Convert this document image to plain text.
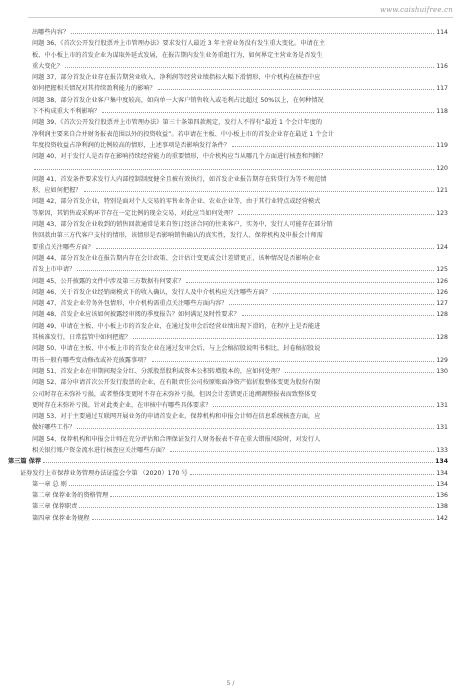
www.caishuifree.cn
出哪些内容？	114
问题 36、《首次公开发行股票并上市管理办法》要求发行人最近 3 年主营业务没有发生重大变化。申请在主
板、中小板上市的首发企业为谋取外延式发展，在报告期内发生业务重组行为，如何界定主营业务是否发生
重大变化？	116
问题 37、部分首发企业存在报告期营业收入、净利润等经营业绩指标大幅下滑情形，中介机构在核查中应
如何把握相关情况对其持续盈利能力的影响？	117
问题 38、部分首发企业客户集中度较高，如向单一大客户销售收入或毛利占比超过 50%以上，在何种情况
下不构成重大不利影响？	118
问题 39、《首次公开发行股票并上市管理办法》第三十条第四款规定，发行人不得有“最近 1 个会计年度的
净利润主要来自合并财务报表范围以外的投资收益”。若申请在主板、中小板上市的首发企业存在最近 1 个会计
年度投资收益占净利润的比例较高的情形，上述事项是否影响发行条件？	119
问题 40、对于发行人是否存在影响持续经营能力的重要情形，中介机构应当从哪几个方面进行核查和判断？
120
问题 41、首发条件要求发行人内部控制制度健全且被有效执行，如首发企业报告期存在转贷行为等不规范情
形，应如何把握？	121
问题 42、部分首发企业，特别是面对个人交易的零售业务企业、农业企业等，由于其行业特点或经营模式
等原因，其销售或采购环节存在一定比例的现金交易，对此应当如何处理？	123
问题 43、部分首发企业收到的销售回款通常是来自签订经济合同的往来客户，实务中，发行人可能存在部分销
售回款由第三方代客户支付的情形，该情形是否影响销售确认的真实性，发行人、保荐机构及申报会计师需
要重点关注哪些方面？	124
问题 44、部分首发企业在报告期内存在会计政策、会计估计变更或会计差错更正，该种情况是否影响企业
首发上市申请？	125
问题 45、公开披露的文件中涉及第三方数据有何要求？	126
问题 46、关于首发企业经销商模式下的收入确认，发行人及中介机构应关注哪些方面？	126
问题 47、首发企业劳务外包情形，中介机构需重点关注哪些方面内容？	127
问题 48、首发企业应该如何披露经审阅的季度报告？如何满足及时性要求？	128
问题 49、申请在主板、中小板上市的首发企业，在通过发审会后经营业绩出现下滑的，在程序上是否能进
其核准发行，日常监管中如何把握？	128
问题 50、申请在主板、中小板上市的首发企业在通过发审会后，与上会稿招股说明书相比，封卷稿招股说
明书一般有哪些变动修改或补充披露事项？	129
问题 51、首发企业在审期间现金分红、分派股票股利或资本公积转增股本的，应如何处理？	130
问题 52、部分申请首次公开发行股票的企业，在有限责任公司按原账面净资产值折股整体变更为股份有限
公司时存在未弥补亏损，或者整体变更时不存在未弥补亏损，但因会计差错更正追溯调整报表而致整体变
更时存在未弥补亏损。针对此类企业，在审核中有哪些具体要求？	131
问题 53、对于主要通过互联网开展业务的申请首发企业，保荐机构和申报会计师在信息系统核查方面，应
做好哪些工作？	131
问题 54、保荐机构和申报会计师在充分评估和合理保证发行人财务报表不存在重大错报风险时，对发行人
相关银行账户资金流水进行核查应关注哪些方面？	133
第三篇 保荐	134
证券发行上市保荐业务管理办法证监会令第 （2020）170 号	134
第一章 总 则	134
第二章 保荐业务的资格管理	136
第三章 保荐职责	138
第四章 保荐业务规程	142
5 /
